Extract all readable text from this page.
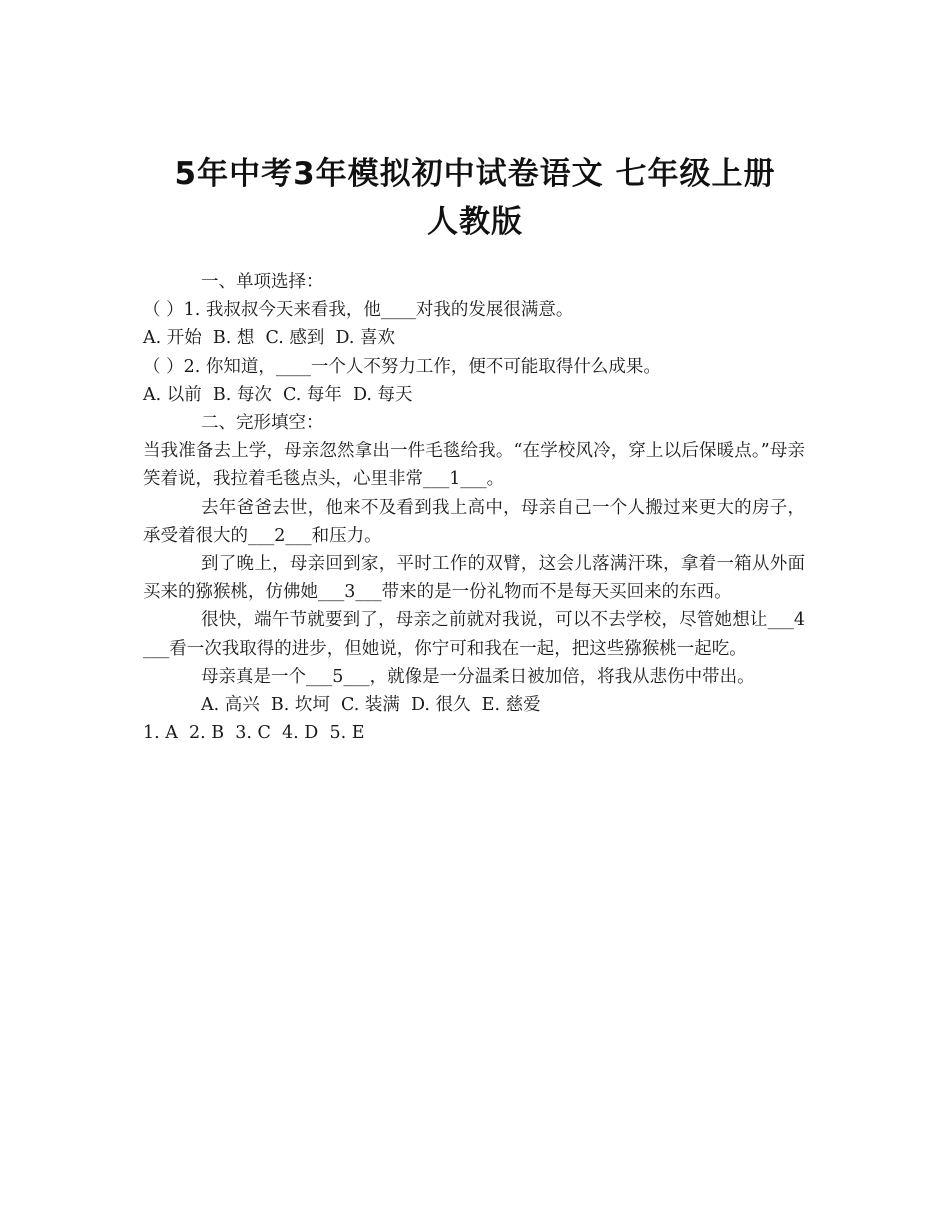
5年中考3年模拟初中试卷语文 七年级上册
人教版
一、单项选择：
（ ）1. 我叔叔今天来看我，他____对我的发展很满意。
A. 开始  B. 想  C. 感到  D. 喜欢
（ ）2. 你知道，____一个人不努力工作，便不可能取得什么成果。
A. 以前  B. 每次  C. 每年  D. 每天
二、完形填空：
当我准备去上学，母亲忽然拿出一件毛毯给我。“在学校风冷，穿上以后保暖点。”母亲笑着说，我拉着毛毯点头，心里非常___1___。
去年爸爸去世，他来不及看到我上高中，母亲自己一个人搬过来更大的房子，承受着很大的___2___和压力。
到了晚上，母亲回到家，平时工作的双臂，这会儿落满汗珠，拿着一箱从外面买来的猕猴桃，仿佛她___3___带来的是一份礼物而不是每天买回来的东西。
很快，端午节就要到了，母亲之前就对我说，可以不去学校，尽管她想让___4___看一次我取得的进步，但她说，你宁可和我在一起，把这些猕猴桃一起吃。
母亲真是一个___5___，就像是一分温柔日被加倍，将我从悲伤中带出。
A. 高兴  B. 坎坷  C. 装满  D. 很久  E. 慈爱
1. A  2. B  3. C  4. D  5. E
